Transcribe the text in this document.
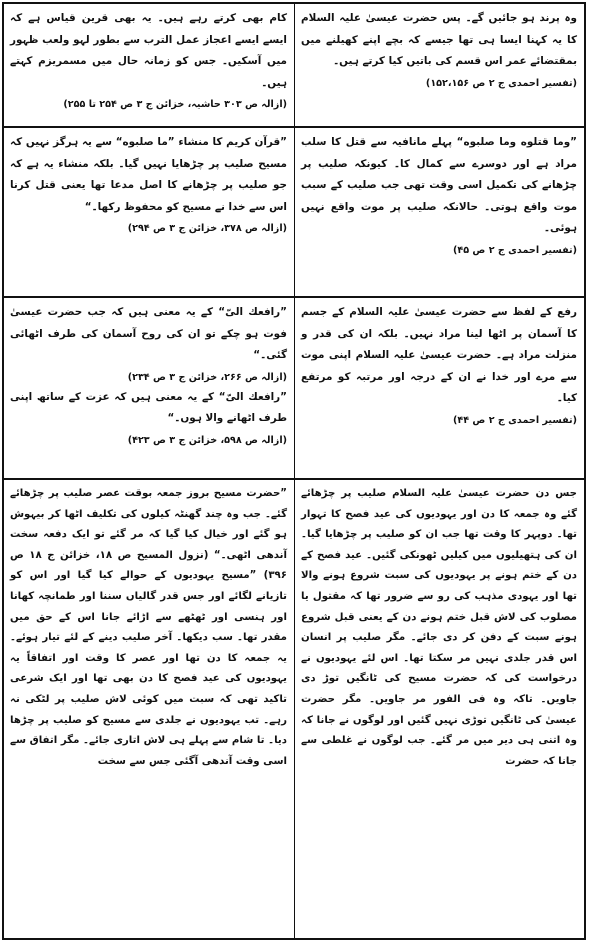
وہ پرند ہو جائیں گے۔ پس حضرت عیسیٰ علیہ السلام کا یہ کہنا ایسا ہی تھا جیسے کہ بچے اپنے کھیلنے میں بمقتضائے عمر اس قسم کی باتیں کیا کرتے ہیں۔

(تفسیر احمدی ج ۲ ص ۱۵۲،۱۵۶)

کام بھی کرتے رہے ہیں۔ یہ بھی قرین قیاس ہے کہ ایسے ایسے اعجاز عمل الترب سے بطور لہو ولعب ظہور میں آسکیں۔ جس کو زمانہ حال میں مسمریزم کہتے ہیں۔

(ازالہ ص ۳۰۳ حاشیہ، خزائن ج ۳ ص ۲۵۴ تا ۲۵۵)

”وما قتلوه وما صلبوه“ پہلے مانافیہ سے قتل کا سلب مراد ہے اور دوسرے سے کمال کا۔ کیونکہ صلیب پر چڑھانے کی تکمیل اسی وقت تھی جب صلیب کے سبب موت واقع ہوتی۔ حالانکہ صلیب پر موت واقع نہیں ہوئی۔

(تفسیر احمدی ج ۲ ص ۴۵)

”قرآن کریم کا منشاء ”ما صلبوه“ سے یہ ہرگز نہیں کہ مسیح صلیب پر چڑھایا نہیں گیا۔ بلکہ منشاء یہ ہے کہ جو صلیب پر چڑھانے کا اصل مدعا تھا یعنی قتل کرنا اس سے خدا نے مسیح کو محفوظ رکھا۔“

(ازالہ ص ۳۷۸، خزائن ج ۳ ص ۲۹۴)

رفع کے لفظ سے حضرت عیسیٰ علیہ السلام کے جسم کا آسمان پر اٹھا لینا مراد نہیں۔ بلکہ ان کی قدر و منزلت مراد ہے۔ حضرت عیسیٰ علیہ السلام اپنی موت سے مرے اور خدا نے ان کے درجہ اور مرتبہ کو مرتفع کیا۔

(تفسیر احمدی ج ۲ ص ۴۴)

”رافعك الیّ“ کے یہ معنی ہیں کہ جب حضرت عیسیٰ فوت ہو چکے تو ان کی روح آسمان کی طرف اٹھائی گئی۔“

(ازالہ ص ۲۶۶، خزائن ج ۳ ص ۲۳۴)

”رافعك الیّ“ کے یہ معنی ہیں کہ عزت کے ساتھ اپنی طرف اٹھانے والا ہوں۔“

(ازالہ ص ۵۹۸، خزائن ج ۳ ص ۴۲۳)

جس دن حضرت عیسیٰ علیہ السلام صلیب پر چڑھائے گئے وہ جمعہ کا دن اور یہودیوں کی عید فصح کا تہوار تھا۔ دوپہر کا وقت تھا جب ان کو صلیب پر چڑھایا گیا۔ ان کی ہتھیلیوں میں کیلیں ٹھونکی گئیں۔ عید فصح کے دن کے ختم ہونے پر یہودیوں کی سبت شروع ہونے والا تھا اور یہودی مذہب کی رو سے ضرور تھا کہ مقتول یا مصلوب کی لاش قبل ختم ہونے دن کے یعنی قبل شروع ہونے سبت کے دفن کر دی جائے۔ مگر صلیب پر انسان اس قدر جلدی نہیں مر سکتا تھا۔ اس لئے یہودیوں نے درخواست کی کہ حضرت مسیح کی ٹانگیں توڑ دی جاویں۔ تاکہ وہ فی الفور مر جاویں۔ مگر حضرت عیسیٰ کی ٹانگیں توڑی نہیں گئیں اور لوگوں نے جانا کہ وہ اتنی ہی دیر میں مر گئے۔ جب لوگوں نے غلطی سے جانا کہ حضرت

”حضرت مسیح بروز جمعہ بوقت عصر صلیب پر چڑھائے گئے۔ جب وہ چند گھنٹہ کیلوں کی تکلیف اٹھا کر بیہوش ہو گئے اور خیال کیا گیا کہ مر گئے تو ایک دفعہ سخت آندھی اٹھی۔“ (نزول المسیح ص ۱۸، خزائن ج ۱۸ ص ۳۹۶) ”مسیح یہودیوں کے حوالے کیا گیا اور اس کو تازیانے لگائے اور جس قدر گالیاں سننا اور طمانچہ کھانا اور ہنسی اور ٹھٹھے سے اڑائے جانا اس کے حق میں مقدر تھا۔ سب دیکھا۔ آخر صلیب دینے کے لئے تیار ہوئے۔ یہ جمعہ کا دن تھا اور عصر کا وقت اور اتفاقاً یہ یہودیوں کی عید فصح کا دن بھی تھا اور ایک شرعی تاکید تھی کہ سبت میں کوئی لاش صلیب پر لٹکی نہ رہے۔ تب یہودیوں نے جلدی سے مسیح کو صلیب پر چڑھا دیا۔ تا شام سے پہلے ہی لاش اتاری جائے۔ مگر اتفاق سے اسی وقت آندھی آگئی جس سے سخت
